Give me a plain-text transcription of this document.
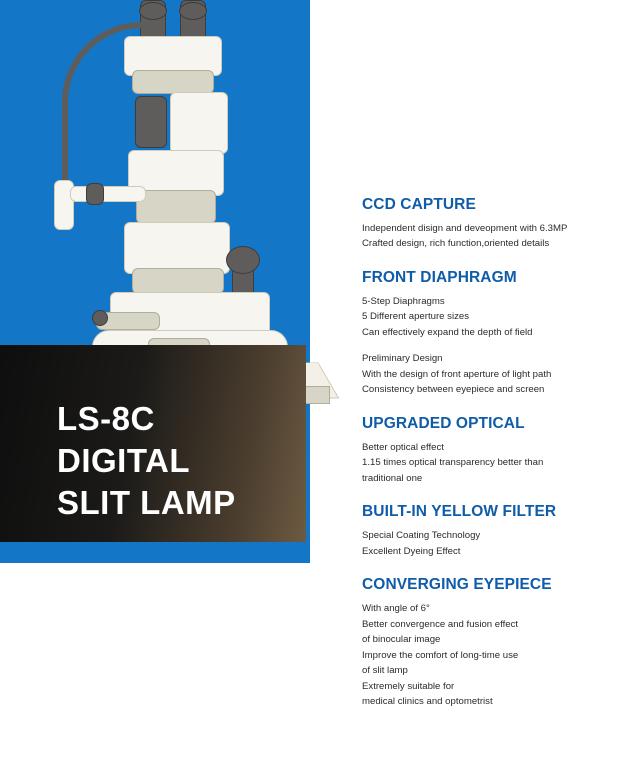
LS-8C
DIGITAL
SLIT LAMP
CCD CAPTURE

Independent disign and deveopment with 6.3MP
Crafted design, rich function,oriented details

FRONT DIAPHRAGM

5-Step Diaphragms
5 Different aperture sizes
Can effectively expand the depth of field

Preliminary Design
With the design of front aperture of light path
Consistency between eyepiece and screen

UPGRADED OPTICAL

Better optical effect
1.15 times optical transparency better than
traditional one

BUILT-IN YELLOW FILTER

Special Coating Technology
Excellent Dyeing Effect

CONVERGING EYEPIECE

With angle of 6°
Better convergence and fusion effect
of binocular image
Improve the comfort of long-time use
of slit lamp
Extremely suitable for
medical clinics and optometrist
